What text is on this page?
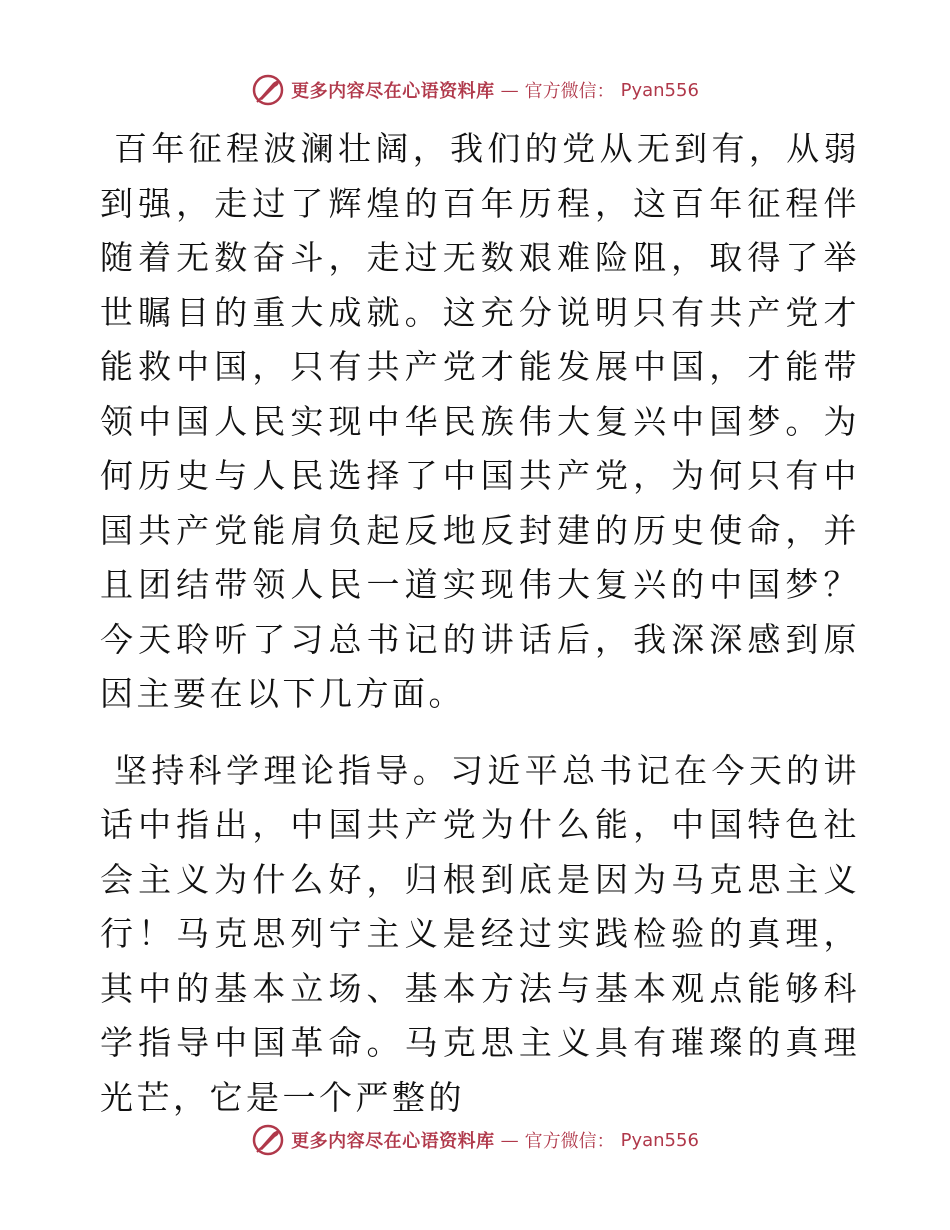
更多内容尽在心语资料库 — 官方微信： Pyan556

百年征程波澜壮阔，我们的党从无到有，从弱到强，走过了辉煌的百年历程，这百年征程伴随着无数奋斗，走过无数艰难险阻，取得了举世瞩目的重大成就。这充分说明只有共产党才能救中国，只有共产党才能发展中国，才能带领中国人民实现中华民族伟大复兴中国梦。为何历史与人民选择了中国共产党，为何只有中国共产党能肩负起反地反封建的历史使命，并且团结带领人民一道实现伟大复兴的中国梦？今天聆听了习总书记的讲话后，我深深感到原因主要在以下几方面。

坚持科学理论指导。习近平总书记在今天的讲话中指出，中国共产党为什么能，中国特色社会主义为什么好，归根到底是因为马克思主义行！马克思列宁主义是经过实践检验的真理，其中的基本立场、基本方法与基本观点能够科学指导中国革命。马克思主义具有璀璨的真理光芒，它是一个严整的

更多内容尽在心语资料库 — 官方微信： Pyan556
